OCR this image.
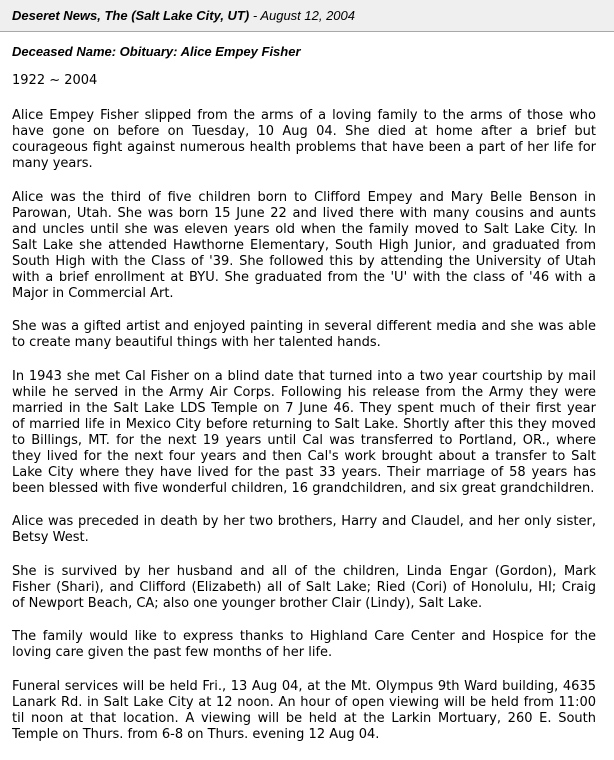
Deseret News, The (Salt Lake City, UT) - August 12, 2004
Deceased Name: Obituary: Alice Empey Fisher
1922 ~ 2004
Alice Empey Fisher slipped from the arms of a loving family to the arms of those who
have gone on before on Tuesday, 10 Aug 04. She died at home after a brief but
courageous fight against numerous health problems that have been a part of her life for
many years.
Alice was the third of five children born to Clifford Empey and Mary Belle Benson in
Parowan, Utah. She was born 15 June 22 and lived there with many cousins and aunts
and uncles until she was eleven years old when the family moved to Salt Lake City. In
Salt Lake she attended Hawthorne Elementary, South High Junior, and graduated from
South High with the Class of '39. She followed this by attending the University of Utah
with a brief enrollment at BYU. She graduated from the 'U' with the class of '46 with a
Major in Commercial Art.
She was a gifted artist and enjoyed painting in several different media and she was able
to create many beautiful things with her talented hands.
In 1943 she met Cal Fisher on a blind date that turned into a two year courtship by mail
while he served in the Army Air Corps. Following his release from the Army they were
married in the Salt Lake LDS Temple on 7 June 46. They spent much of their first year
of married life in Mexico City before returning to Salt Lake. Shortly after this they moved
to Billings, MT. for the next 19 years until Cal was transferred to Portland, OR., where
they lived for the next four years and then Cal's work brought about a transfer to Salt
Lake City where they have lived for the past 33 years. Their marriage of 58 years has
been blessed with five wonderful children, 16 grandchildren, and six great grandchildren.
Alice was preceded in death by her two brothers, Harry and Claudel, and her only sister,
Betsy West.
She is survived by her husband and all of the children, Linda Engar (Gordon), Mark
Fisher (Shari), and Clifford (Elizabeth) all of Salt Lake; Ried (Cori) of Honolulu, HI; Craig
of Newport Beach, CA; also one younger brother Clair (Lindy), Salt Lake.
The family would like to express thanks to Highland Care Center and Hospice for the
loving care given the past few months of her life.
Funeral services will be held Fri., 13 Aug 04, at the Mt. Olympus 9th Ward building, 4635
Lanark Rd. in Salt Lake City at 12 noon. An hour of open viewing will be held from 11:00
til noon at that location. A viewing will be held at the Larkin Mortuary, 260 E. South
Temple on Thurs. from 6-8 on Thurs. evening 12 Aug 04.
